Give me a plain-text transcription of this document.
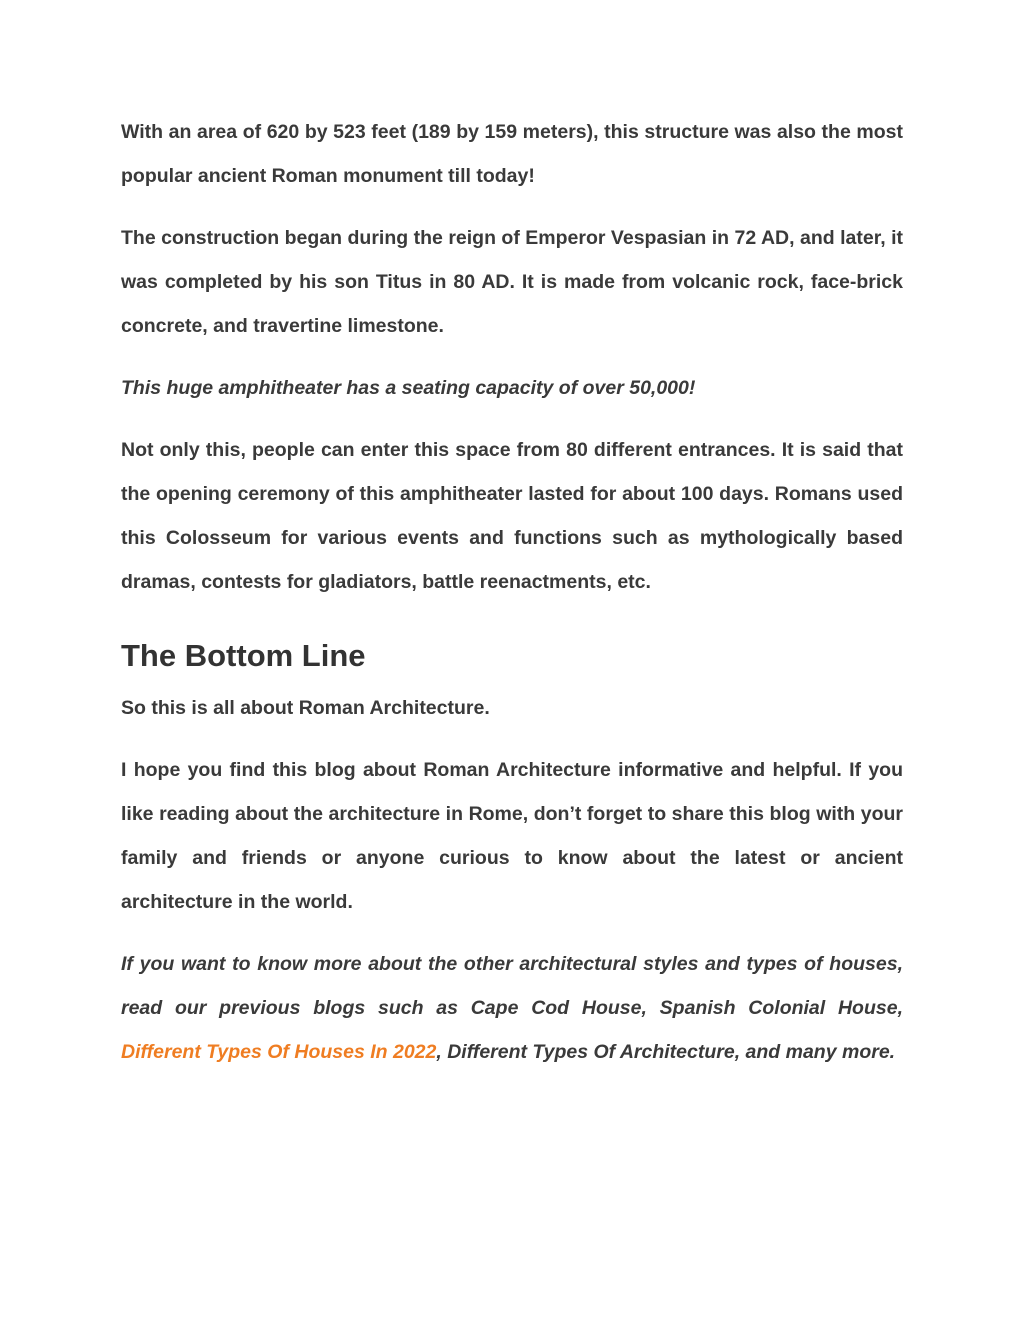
With an area of 620 by 523 feet (189 by 159 meters), this structure was also the most popular ancient Roman monument till today!

The construction began during the reign of Emperor Vespasian in 72 AD, and later, it was completed by his son Titus in 80 AD. It is made from volcanic rock, face-brick concrete, and travertine limestone.

This huge amphitheater has a seating capacity of over 50,000!

Not only this, people can enter this space from 80 different entrances. It is said that the opening ceremony of this amphitheater lasted for about 100 days. Romans used this Colosseum for various events and functions such as mythologically based dramas, contests for gladiators, battle reenactments, etc.

The Bottom Line

So this is all about Roman Architecture.

I hope you find this blog about Roman Architecture informative and helpful. If you like reading about the architecture in Rome, don’t forget to share this blog with your family and friends or anyone curious to know about the latest or ancient architecture in the world.

If you want to know more about the other architectural styles and types of houses, read our previous blogs such as Cape Cod House, Spanish Colonial House, Different Types Of Houses In 2022, Different Types Of Architecture, and many more.
